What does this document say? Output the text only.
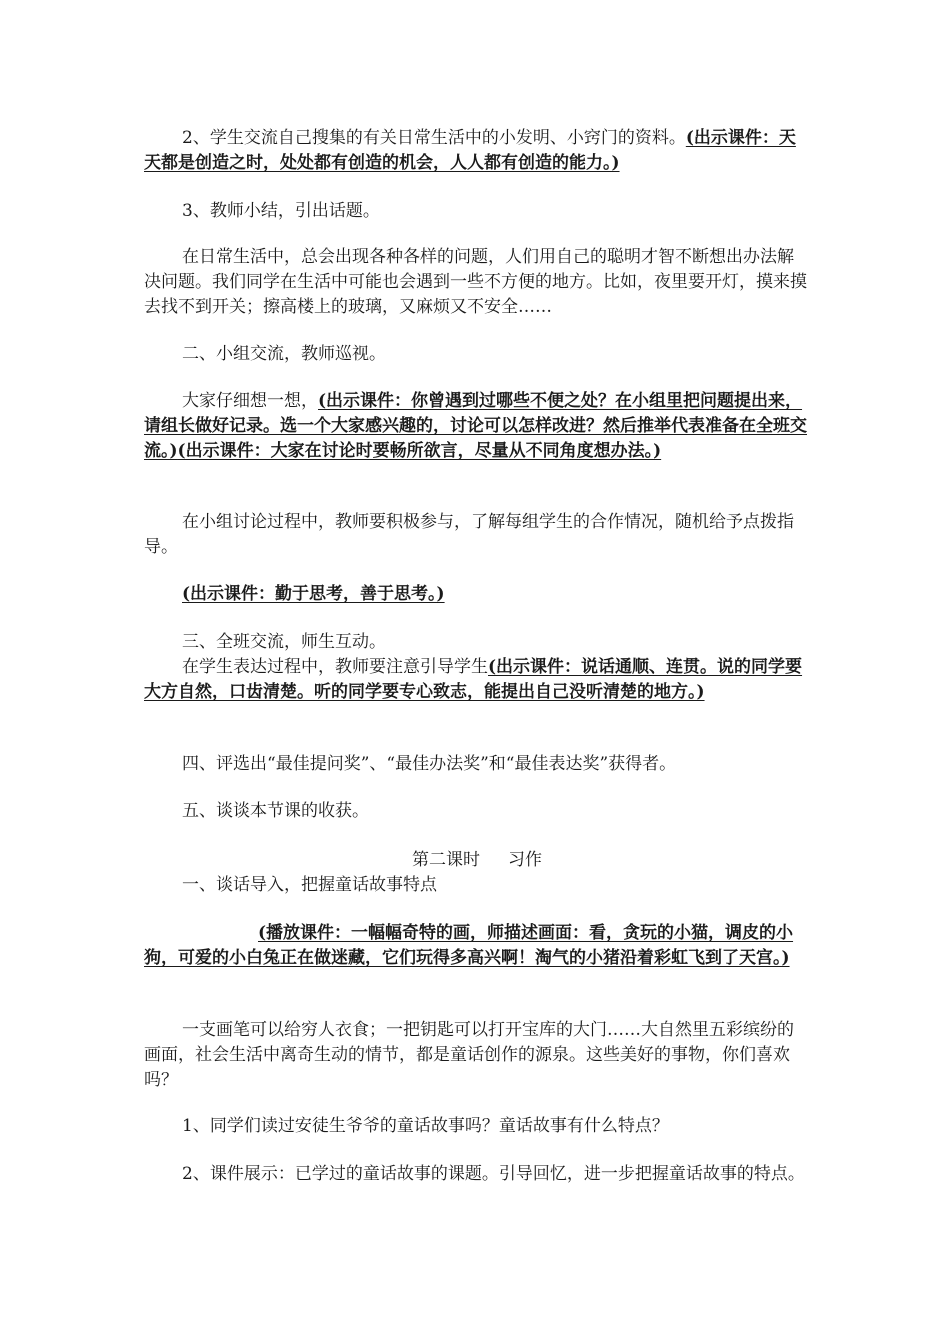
2、学生交流自己搜集的有关日常生活中的小发明、小窍门的资料。(出示课件：天天都是创造之时，处处都有创造的机会，人人都有创造的能力。)

3、教师小结，引出话题。

在日常生活中，总会出现各种各样的问题，人们用自己的聪明才智不断想出办法解决问题。我们同学在生活中可能也会遇到一些不方便的地方。比如，夜里要开灯，摸来摸去找不到开关；擦高楼上的玻璃，又麻烦又不安全……

二、小组交流，教师巡视。

大家仔细想一想，(出示课件：你曾遇到过哪些不便之处？在小组里把问题提出来，请组长做好记录。选一个大家感兴趣的，讨论可以怎样改进？然后推举代表准备在全班交流。)(出示课件：大家在讨论时要畅所欲言，尽量从不同角度想办法。)

在小组讨论过程中，教师要积极参与，了解每组学生的合作情况，随机给予点拨指导。

(出示课件：勤于思考，善于思考。)

三、全班交流，师生互动。

在学生表达过程中，教师要注意引导学生(出示课件：说话通顺、连贯。说的同学要大方自然，口齿清楚。听的同学要专心致志，能提出自己没听清楚的地方。)

四、评选出“最佳提问奖”、“最佳办法奖”和“最佳表达奖”获得者。

五、谈谈本节课的收获。

第二课时 习作

一、谈话导入，把握童话故事特点

(播放课件：一幅幅奇特的画，师描述画面：看，贪玩的小猫，调皮的小狗，可爱的小白兔正在做迷藏，它们玩得多高兴啊！淘气的小猪沿着彩虹飞到了天宫。)

一支画笔可以给穷人衣食；一把钥匙可以打开宝库的大门……大自然里五彩缤纷的画面，社会生活中离奇生动的情节，都是童话创作的源泉。这些美好的事物，你们喜欢吗？

1、同学们读过安徒生爷爷的童话故事吗？童话故事有什么特点？

2、课件展示：已学过的童话故事的课题。引导回忆，进一步把握童话故事的特点。
